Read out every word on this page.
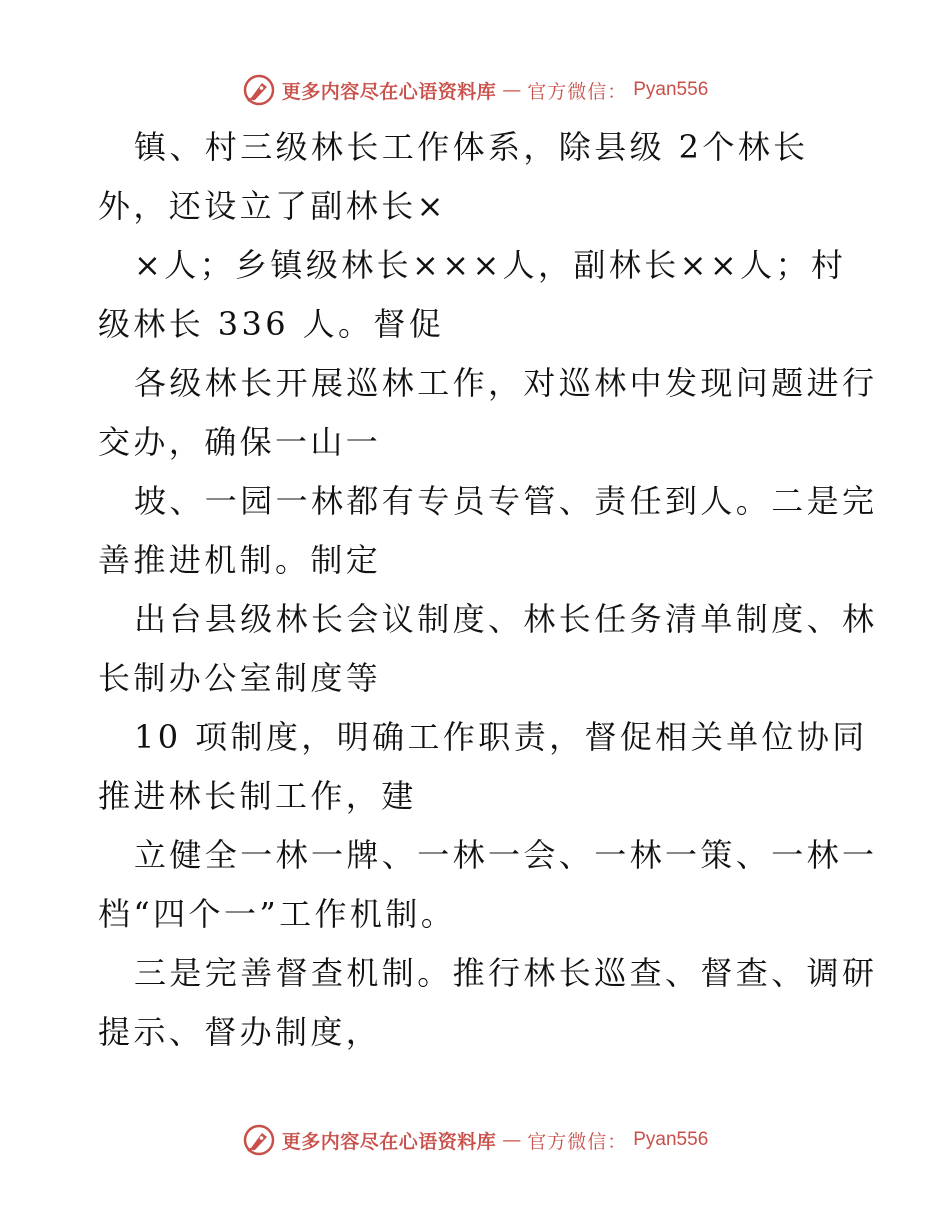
更多内容尽在心语资料库 — 官方微信： Pyan556
镇、村三级林长工作体系，除县级 2个林长
外，还设立了副林长×
×人；乡镇级林长×××人，副林长××人；村
级林长 336 人。督促
各级林长开展巡林工作，对巡林中发现问题进行
交办，确保一山一
坡、一园一林都有专员专管、责任到人。二是完
善推进机制。制定
出台县级林长会议制度、林长任务清单制度、林
长制办公室制度等
10 项制度，明确工作职责，督促相关单位协同
推进林长制工作，建
立健全一林一牌、一林一会、一林一策、一林一
档“四个一”工作机制。
三是完善督查机制。推行林长巡查、督查、调研
提示、督办制度，
更多内容尽在心语资料库 — 官方微信： Pyan556
